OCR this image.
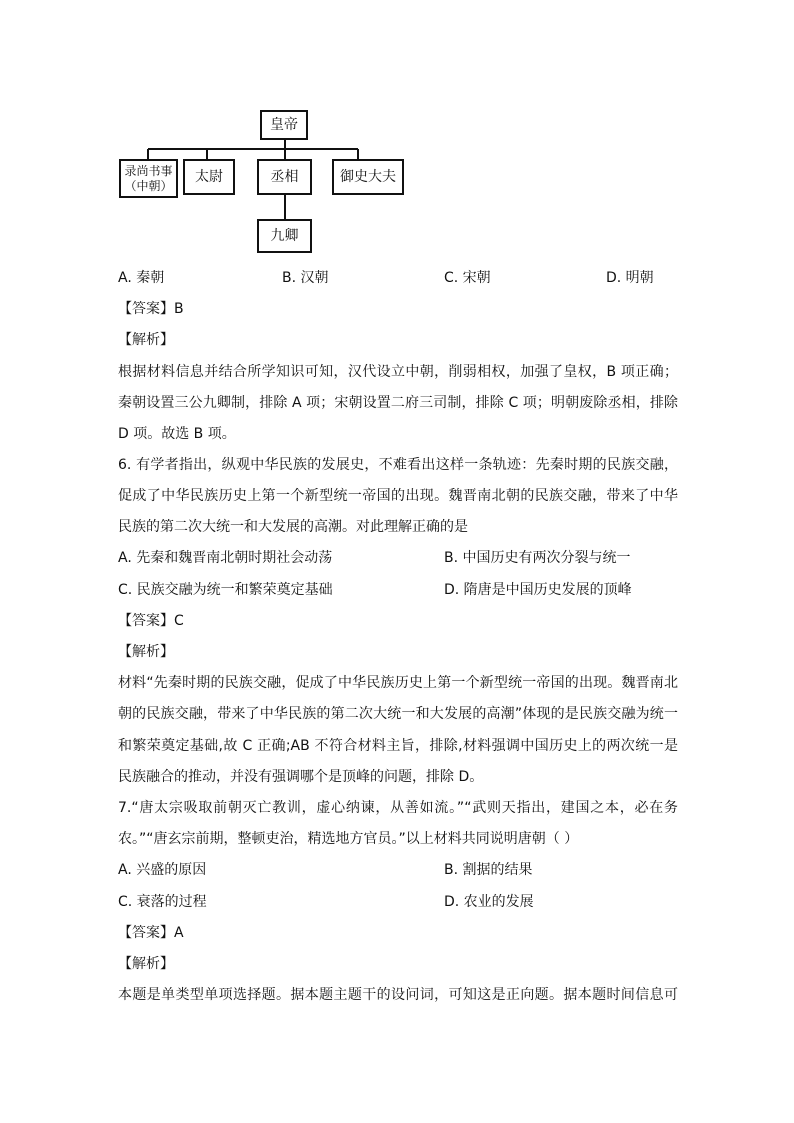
皇帝
录尚书事
（中朝）
太尉	丞相	御史大夫
九卿
A. 秦朝	B. 汉朝	C. 宋朝	D. 明朝
【答案】B
【解析】
根据材料信息并结合所学知识可知，汉代设立中朝，削弱相权，加强了皇权，B 项正确；
秦朝设置三公九卿制，排除 A 项；宋朝设置二府三司制，排除 C 项；明朝废除丞相，排除
D 项。故选 B 项。
6. 有学者指出，纵观中华民族的发展史，不难看出这样一条轨迹：先秦时期的民族交融，
促成了中华民族历史上第一个新型统一帝国的出现。魏晋南北朝的民族交融，带来了中华
民族的第二次大统一和大发展的高潮。对此理解正确的是
A. 先秦和魏晋南北朝时期社会动荡	B. 中国历史有两次分裂与统一
C. 民族交融为统一和繁荣奠定基础	D. 隋唐是中国历史发展的顶峰
【答案】C
【解析】
材料“先秦时期的民族交融，促成了中华民族历史上第一个新型统一帝国的出现。魏晋南北
朝的民族交融，带来了中华民族的第二次大统一和大发展的高潮”体现的是民族交融为统一
和繁荣奠定基础,故 C 正确;AB 不符合材料主旨，排除,材料强调中国历史上的两次统一是
民族融合的推动，并没有强调哪个是顶峰的问题，排除 D。
7.“唐太宗吸取前朝灭亡教训，虚心纳谏，从善如流。”“武则天指出，建国之本，必在务
农。”“唐玄宗前期，整顿吏治，精选地方官员。”以上材料共同说明唐朝（ ）
A. 兴盛的原因	B. 割据的结果
C. 衰落的过程	D. 农业的发展
【答案】A
【解析】
本题是单类型单项选择题。据本题主题干的设问词，可知这是正向题。据本题时间信息可
